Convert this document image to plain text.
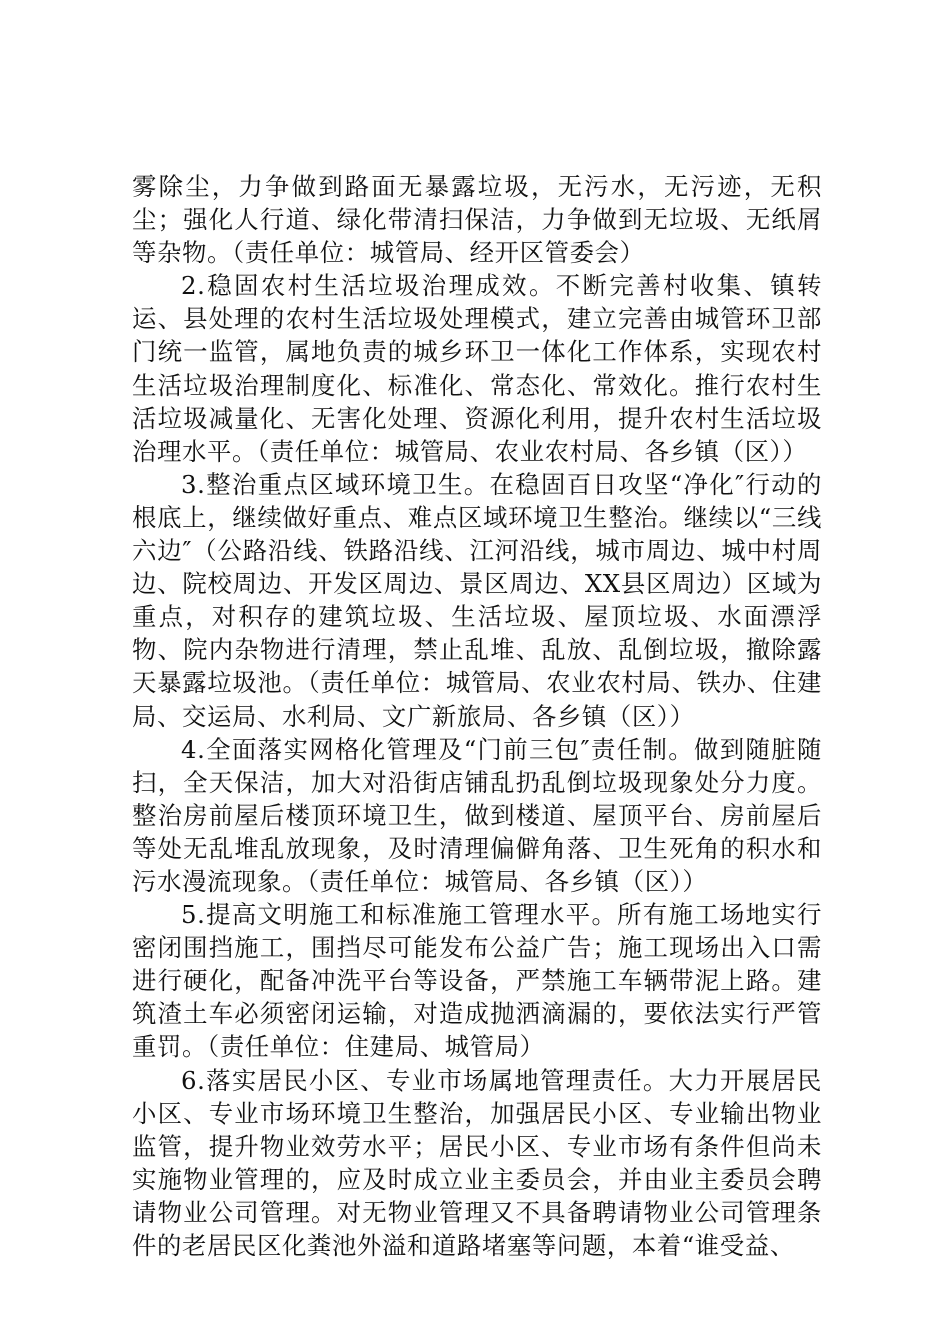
雾除尘，力争做到路面无暴露垃圾，无污水，无污迹，无积尘；强化人行道、绿化带清扫保洁，力争做到无垃圾、无纸屑等杂物。（责任单位：城管局、经开区管委会）

2.稳固农村生活垃圾治理成效。不断完善村收集、镇转运、县处理的农村生活垃圾处理模式，建立完善由城管环卫部门统一监管，属地负责的城乡环卫一体化工作体系，实现农村生活垃圾治理制度化、标准化、常态化、常效化。推行农村生活垃圾减量化、无害化处理、资源化利用，提升农村生活垃圾治理水平。（责任单位：城管局、农业农村局、各乡镇（区））

3.整治重点区域环境卫生。在稳固百日攻坚“净化″行动的根底上，继续做好重点、难点区域环境卫生整治。继续以“三线六边″（公路沿线、铁路沿线、江河沿线，城市周边、城中村周边、院校周边、开发区周边、景区周边、XX县区周边）区域为重点，对积存的建筑垃圾、生活垃圾、屋顶垃圾、水面漂浮物、院内杂物进行清理，禁止乱堆、乱放、乱倒垃圾，撤除露天暴露垃圾池。（责任单位：城管局、农业农村局、铁办、住建局、交运局、水利局、文广新旅局、各乡镇（区））

4.全面落实网格化管理及“门前三包″责任制。做到随脏随扫，全天保洁，加大对沿街店铺乱扔乱倒垃圾现象处分力度。整治房前屋后楼顶环境卫生，做到楼道、屋顶平台、房前屋后等处无乱堆乱放现象，及时清理偏僻角落、卫生死角的积水和污水漫流现象。（责任单位：城管局、各乡镇（区））

5.提高文明施工和标准施工管理水平。所有施工场地实行密闭围挡施工，围挡尽可能发布公益广告；施工现场出入口需进行硬化，配备冲洗平台等设备，严禁施工车辆带泥上路。建筑渣土车必须密闭运输，对造成抛洒滴漏的，要依法实行严管重罚。（责任单位：住建局、城管局）

6.落实居民小区、专业市场属地管理责任。大力开展居民小区、专业市场环境卫生整治，加强居民小区、专业输出物业监管，提升物业效劳水平；居民小区、专业市场有条件但尚未实施物业管理的，应及时成立业主委员会，并由业主委员会聘请物业公司管理。对无物业管理又不具备聘请物业公司管理条件的老居民区化粪池外溢和道路堵塞等问题，本着“谁受益、
